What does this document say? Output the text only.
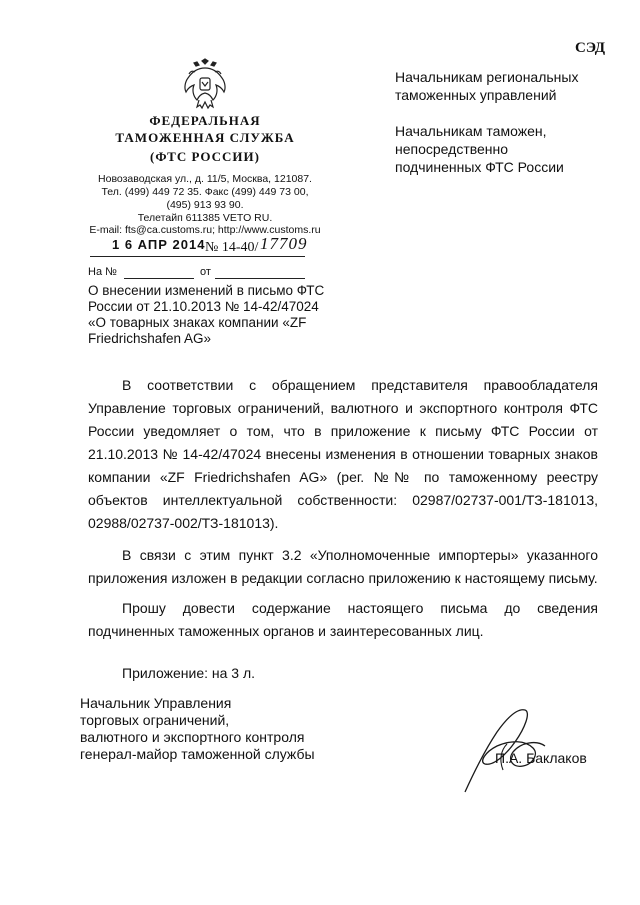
СЭД
ФЕДЕРАЛЬНАЯ
ТАМОЖЕННАЯ СЛУЖБА
(ФТС РОССИИ)
Новозаводская ул., д. 11/5, Москва, 121087.
Тел. (499) 449 72 35. Факс (499) 449 73 00,
(495) 913 93 90.
Телетайп 611385 VETO RU.
E-mail: fts@ca.customs.ru; http://www.customs.ru
1 6 АПР 2014 № 14-40/ 17709
На №	от
О внесении изменений в письмо ФТС России от 21.10.2013 № 14-42/47024 «О товарных знаках компании «ZF Friedrichshafen AG»
Начальникам региональных таможенных управлений
Начальникам таможен, непосредственно подчиненных ФТС России
В соответствии с обращением представителя правообладателя Управление торговых ограничений, валютного и экспортного контроля ФТС России уведомляет о том, что в приложение к письму ФТС России от 21.10.2013 № 14-42/47024 внесены изменения в отношении товарных знаков компании «ZF Friedrichshafen AG» (рег. №№ по таможенному реестру объектов интеллектуальной собственности: 02987/02737-001/ТЗ-181013, 02988/02737-002/ТЗ-181013).
В связи с этим пункт 3.2 «Уполномоченные импортеры» указанного приложения изложен в редакции согласно приложению к настоящему письму.
Прошу довести содержание настоящего письма до сведения подчиненных таможенных органов и заинтересованных лиц.
Приложение: на 3 л.
Начальник Управления
торговых ограничений,
валютного и экспортного контроля
генерал-майор таможенной службы	П.А. Баклаков
